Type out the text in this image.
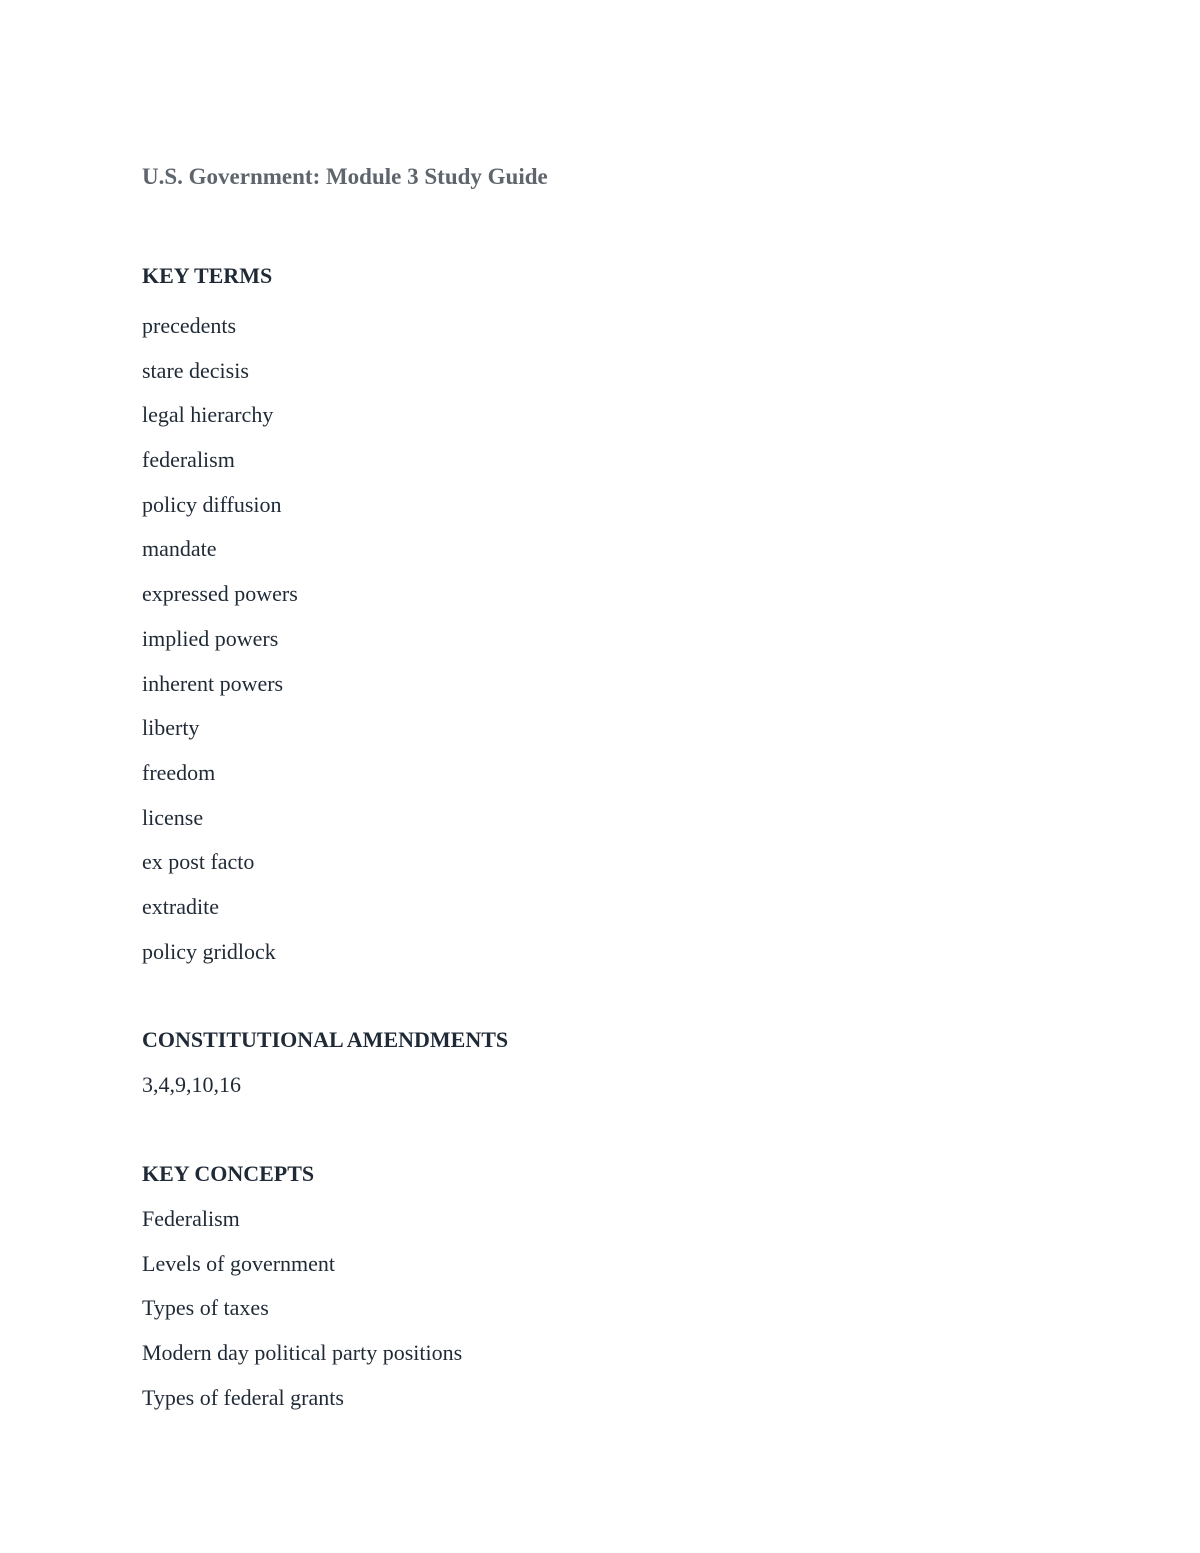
U.S. Government: Module 3 Study Guide
KEY TERMS
precedents
stare decisis
legal hierarchy
federalism
policy diffusion
mandate
expressed powers
implied powers
inherent powers
liberty
freedom
license
ex post facto
extradite
policy gridlock
CONSTITUTIONAL AMENDMENTS

3,4,9,10,16

KEY CONCEPTS
Federalism
Levels of government
Types of taxes
Modern day political party positions
Types of federal grants
